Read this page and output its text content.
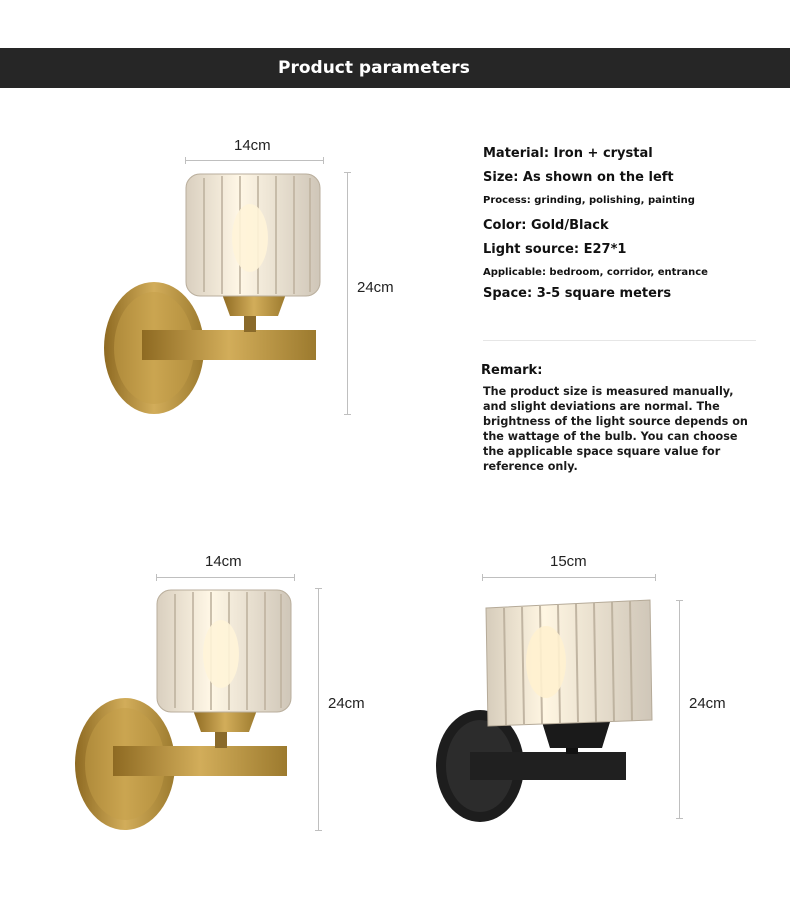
Product parameters
14cm
24cm

Material: Iron + crystal

Size: As shown on the left

Process: grinding, polishing, painting

Color: Gold/Black

Light source: E27*1

Applicable: bedroom, corridor, entrance

Space: 3-5 square meters

Remark:
The product size is measured manually, and slight deviations are normal. The brightness of the light source depends on the wattage of the bulb. You can choose the applicable space square value for reference only.
14cm
24cm
15cm
24cm
